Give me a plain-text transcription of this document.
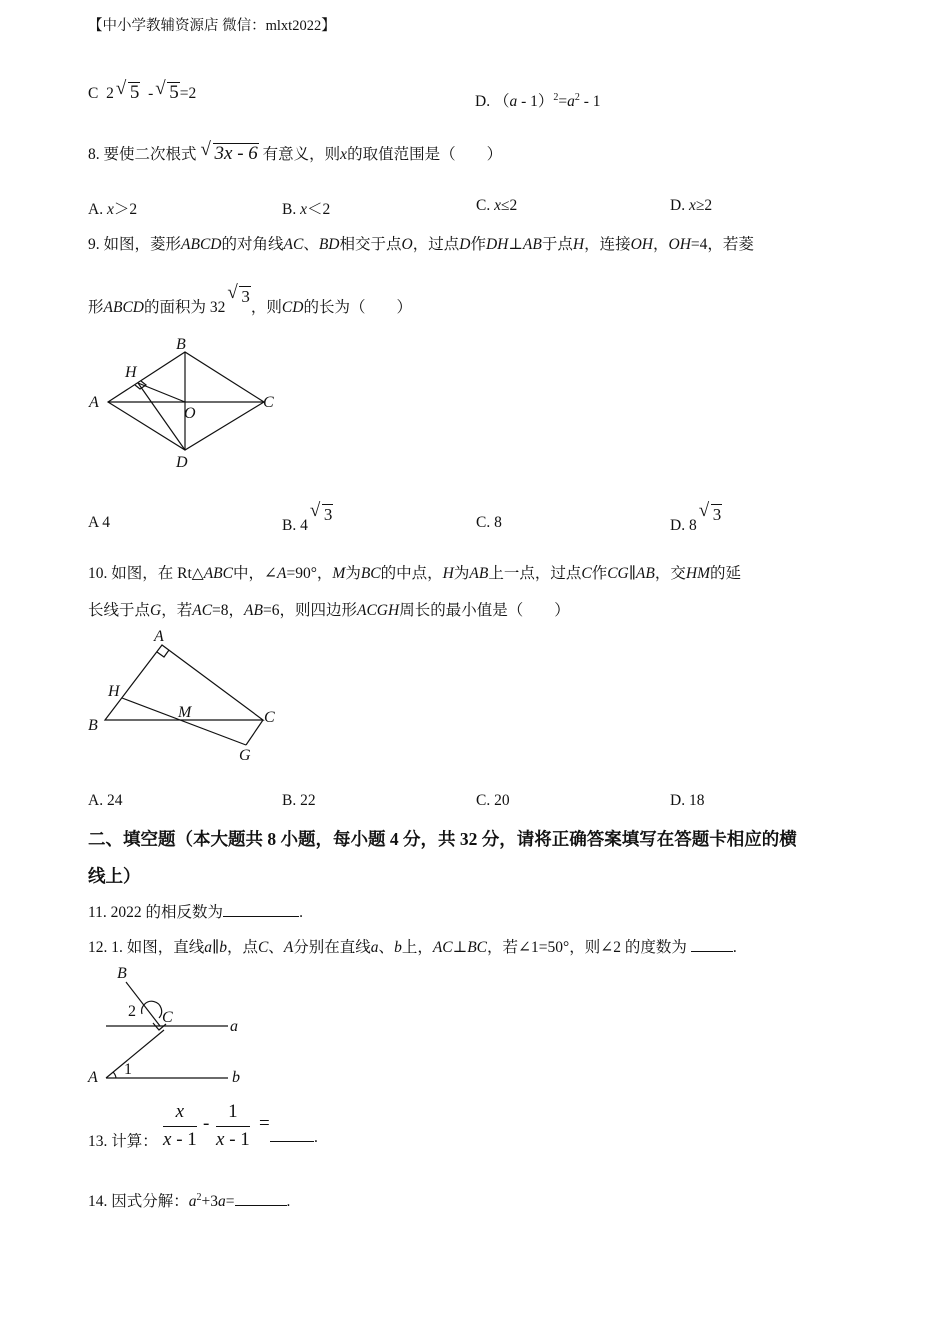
【中小学教辅资源店 微信：mlxt2022】
C 2 √ 5 - √ 5=2	D. $(a - 1)^2=a^2 - 1$
8. 要使二次根式 √ 3x - 6 有意义，则x的取值范围是（　　）
A. x＞2	B. x＜2	C. x≤2	D. x≥2
9. 如图，菱形ABCD的对角线AC、BD相交于点O，过点D作DH⊥AB于点H，连接OH，OH=4，若菱
形ABCD的面积为 32√ 3，则CD的长为（　　）
A
B
C
D
O
H
A 4	B. 4√ 3	C. 8	D. 8√ 3
10. 如图，在 Rt△ABC中，∠A=90°，M为BC的中点，H为AB上一点，过点C作CG∥AB，交HM的延
长线于点G，若AC=8，AB=6，则四边形ACGH周长的最小值是（　　）
A
B	C
G
H
M
A. 24	B. 22	C. 20	D. 18
二、填空题（本大题共 8 小题，每小题 4 分，共 32 分，请将正确答案填写在答题卡相应的横
线上）
11. 2022 的相反数为	.
12. 1. 如图，直线a∥b，点C、A分别在直线a、b上，AC⊥BC，若∠1=50°，则∠2 的度数为	.
B
C
a
A	b
1
2
13. 计算： $\frac{x}{x - 1} - \frac{1}{x - 1}$ =
.
14. 因式分解：$a^2+3a=$	.
